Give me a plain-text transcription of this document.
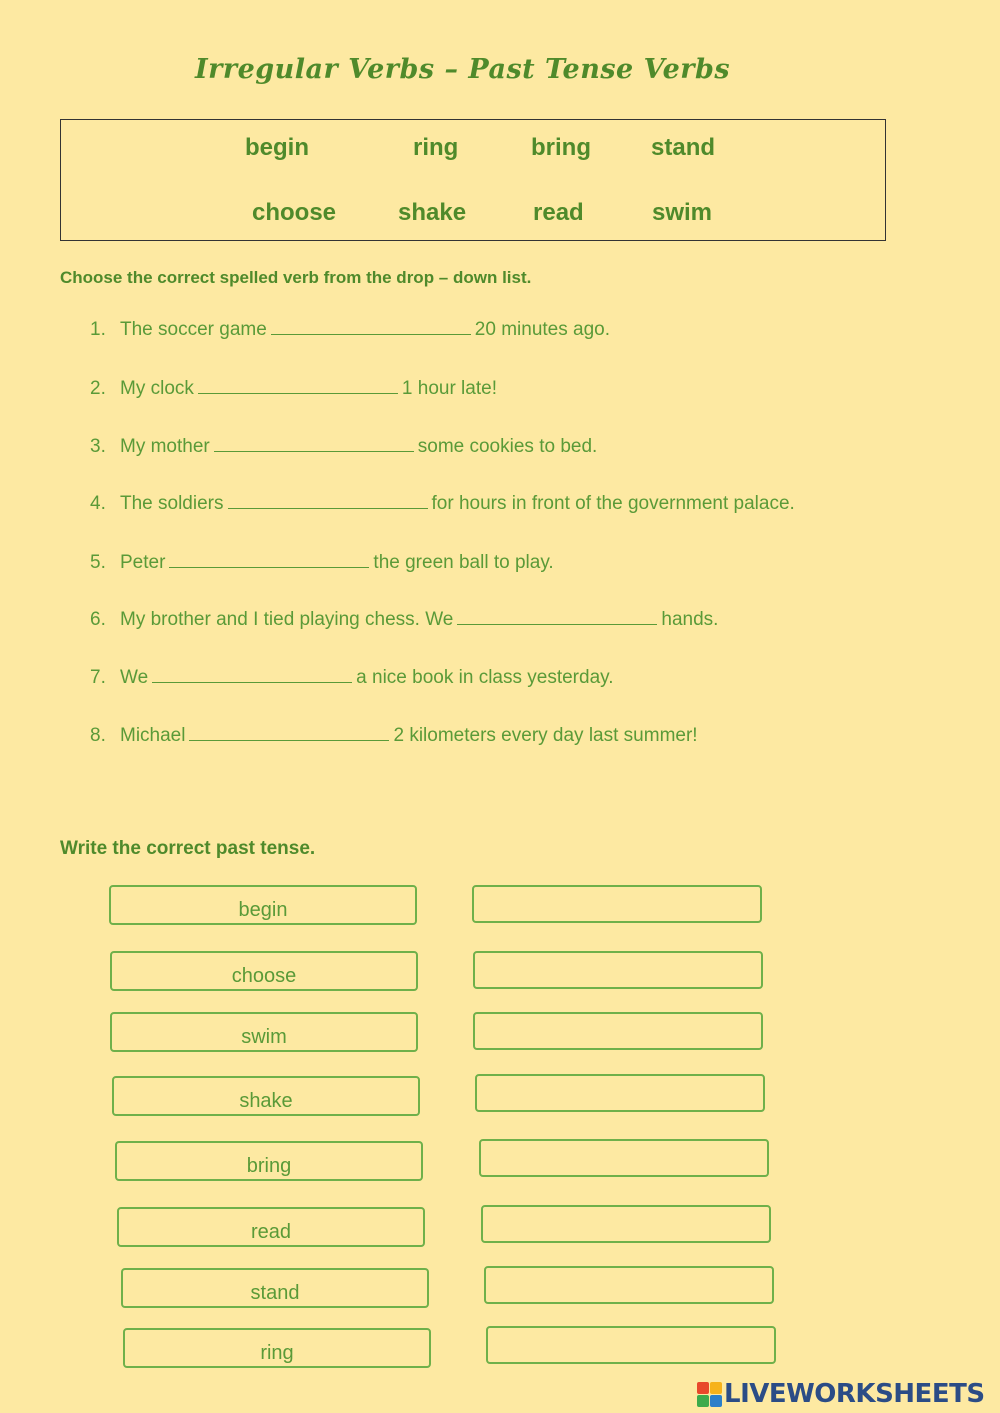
Irregular Verbs – Past Tense Verbs
begin	ring	bring	stand
choose	shake	read	swim
Choose the correct spelled verb from the drop – down list.
1. The soccer game	20 minutes ago.
2. My clock	1 hour late!
3. My mother	some cookies to bed.
4. The soldiers	for hours in front of the government palace.
5. Peter	the green ball to play.
6. My brother and I tied playing chess. We	hands.
7. We	a nice book in class yesterday.
8. Michael	2 kilometers every day last summer!
Write the correct past tense.
begin
choose
swim
shake
bring
read
stand
ring
LIVEWORKSHEETS
